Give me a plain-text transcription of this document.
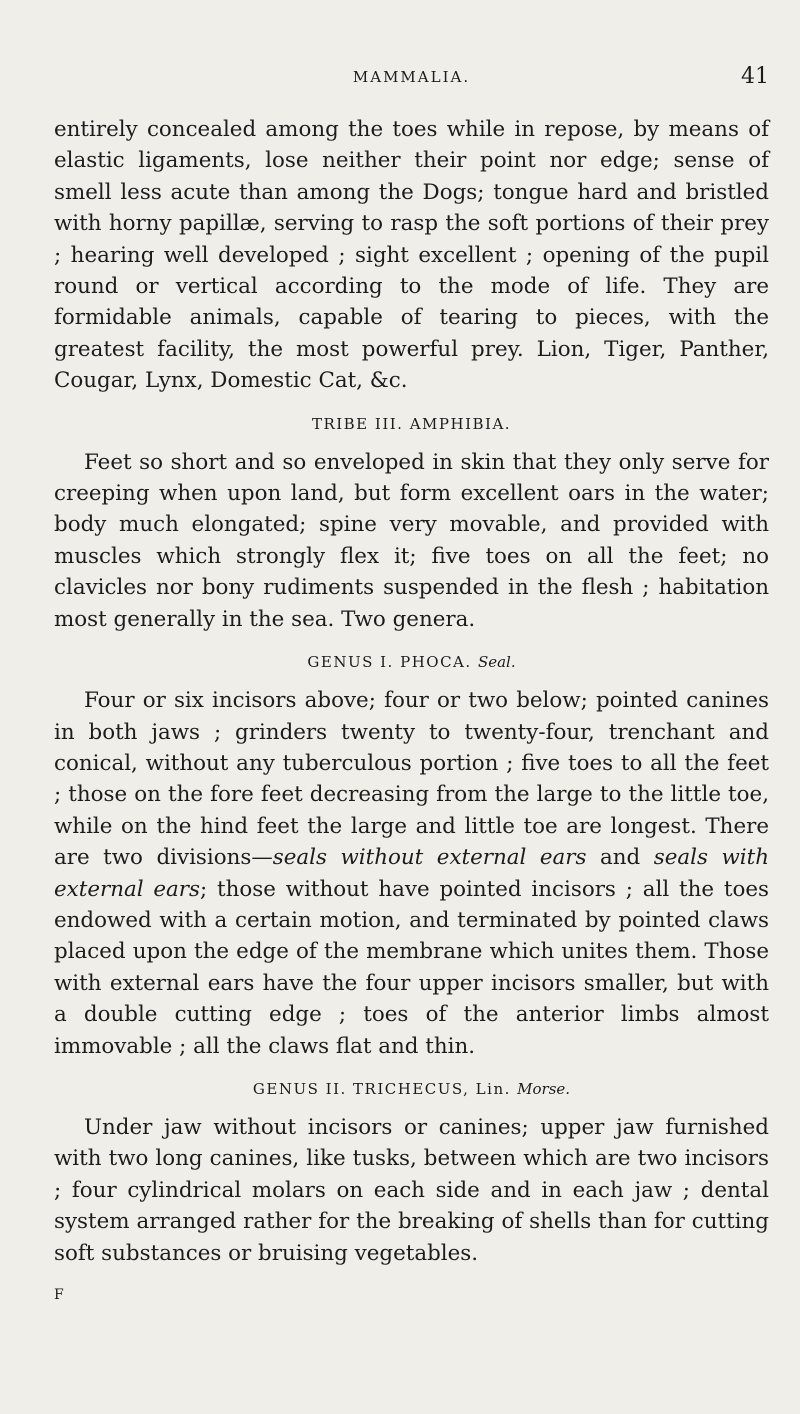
MAMMALIA.	41

entirely concealed among the toes while in repose, by means of elastic ligaments, lose neither their point nor edge; sense of smell less acute than among the Dogs; tongue hard and bristled with horny papillæ, serving to rasp the soft portions of their prey ; hearing well developed ; sight excellent ; opening of the pupil round or vertical according to the mode of life. They are formidable animals, capable of tearing to pieces, with the greatest facility, the most powerful prey. Lion, Tiger, Panther, Cougar, Lynx, Domestic Cat, &c.

TRIBE III. AMPHIBIA.

Feet so short and so enveloped in skin that they only serve for creeping when upon land, but form excellent oars in the water; body much elongated; spine very movable, and provided with muscles which strongly flex it; five toes on all the feet; no clavicles nor bony rudiments suspended in the flesh ; habitation most generally in the sea. Two genera.

GENUS I. PHOCA. Seal.

Four or six incisors above; four or two below; pointed canines in both jaws ; grinders twenty to twenty-four, trenchant and conical, without any tuberculous portion ; five toes to all the feet ; those on the fore feet decreasing from the large to the little toe, while on the hind feet the large and little toe are longest. There are two divisions—seals without external ears and seals with external ears; those without have pointed incisors ; all the toes endowed with a certain motion, and terminated by pointed claws placed upon the edge of the membrane which unites them. Those with external ears have the four upper incisors smaller, but with a double cutting edge ; toes of the anterior limbs almost immovable ; all the claws flat and thin.

GENUS II. TRICHECUS, Lin. Morse.

Under jaw without incisors or canines; upper jaw furnished with two long canines, like tusks, between which are two incisors ; four cylindrical molars on each side and in each jaw ; dental system arranged rather for the breaking of shells than for cutting soft substances or bruising vegetables.

F
